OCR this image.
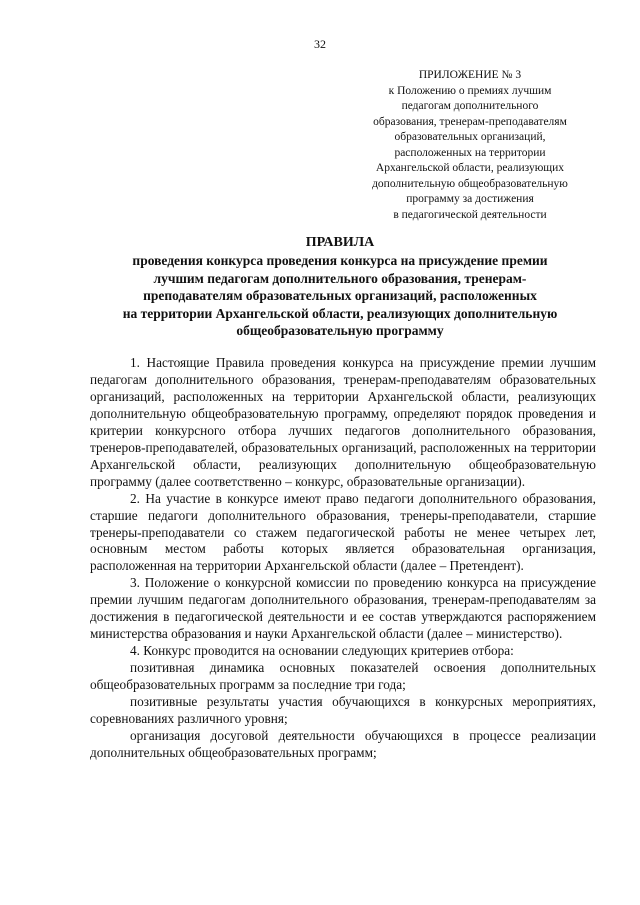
32
ПРИЛОЖЕНИЕ № 3
к Положению о премиях лучшим
педагогам дополнительного
образования, тренерам-преподавателям
образовательных организаций,
расположенных на территории
Архангельской области, реализующих
дополнительную общеобразовательную
программу за достижения
в педагогической деятельности
ПРАВИЛА
проведения конкурса проведения конкурса на присуждение премии
лучшим педагогам дополнительного образования, тренерам-
преподавателям образовательных организаций, расположенных
на территории Архангельской области, реализующих дополнительную
общеобразовательную программу

1. Настоящие Правила проведения конкурса на присуждение премии лучшим педагогам дополнительного образования, тренерам-преподавателям образовательных организаций, расположенных на территории Архангельской области, реализующих дополнительную общеобразовательную программу, определяют порядок проведения и критерии конкурсного отбора лучших педагогов дополнительного образования, тренеров-преподавателей, образовательных организаций, расположенных на территории Архангельской области, реализующих дополнительную общеобразовательную программу (далее соответственно – конкурс, образовательные организации).

2. На участие в конкурсе имеют право педагоги дополнительного образования, старшие педагоги дополнительного образования, тренеры-преподаватели, старшие тренеры-преподаватели со стажем педагогической работы не менее четырех лет, основным местом работы которых является образовательная организация, расположенная на территории Архангельской области (далее – Претендент).

3. Положение о конкурсной комиссии по проведению конкурса на присуждение премии лучшим педагогам дополнительного образования, тренерам-преподавателям за достижения в педагогической деятельности и ее состав утверждаются распоряжением министерства образования и науки Архангельской области (далее – министерство).

4. Конкурс проводится на основании следующих критериев отбора:

позитивная динамика основных показателей освоения дополнительных общеобразовательных программ за последние три года;

позитивные результаты участия обучающихся в конкурсных мероприятиях, соревнованиях различного уровня;

организация досуговой деятельности обучающихся в процессе реализации дополнительных общеобразовательных программ;
